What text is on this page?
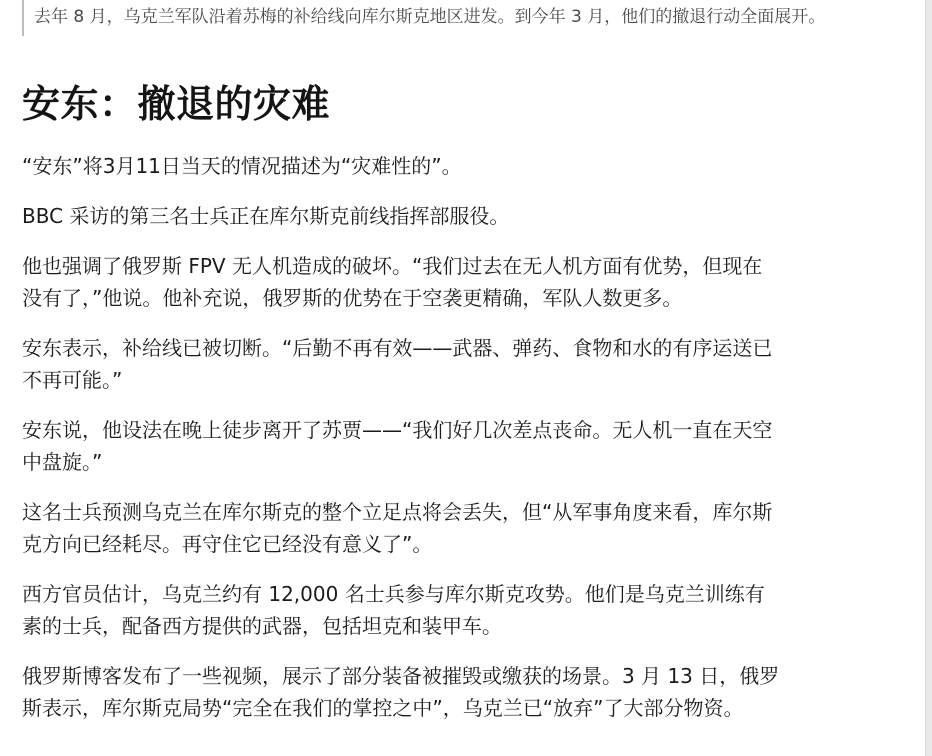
去年 8 月，乌克兰军队沿着苏梅的补给线向库尔斯克地区进发。到今年 3 月，他们的撤退行动全面展开。
安东：撤退的灾难

“安东”将3月11日当天的情况描述为“灾难性的”。

BBC 采访的第三名士兵正在库尔斯克前线指挥部服役。

他也强调了俄罗斯 FPV 无人机造成的破坏。“我们过去在无人机方面有优势，但现在没有了，”他说。他补充说，俄罗斯的优势在于空袭更精确，军队人数更多。

安东表示，补给线已被切断。“后勤不再有效——武器、弹药、食物和水的有序运送已不再可能。”

安东说，他设法在晚上徒步离开了苏贾——“我们好几次差点丧命。无人机一直在天空中盘旋。”

这名士兵预测乌克兰在库尔斯克的整个立足点将会丢失，但“从军事角度来看，库尔斯克方向已经耗尽。再守住它已经没有意义了”。

西方官员估计，乌克兰约有 12,000 名士兵参与库尔斯克攻势。他们是乌克兰训练有素的士兵，配备西方提供的武器，包括坦克和装甲车。

俄罗斯博客发布了一些视频，展示了部分装备被摧毁或缴获的场景。3 月 13 日，俄罗斯表示，库尔斯克局势“完全在我们的掌控之中”，乌克兰已“放弃”了大部分物资。
